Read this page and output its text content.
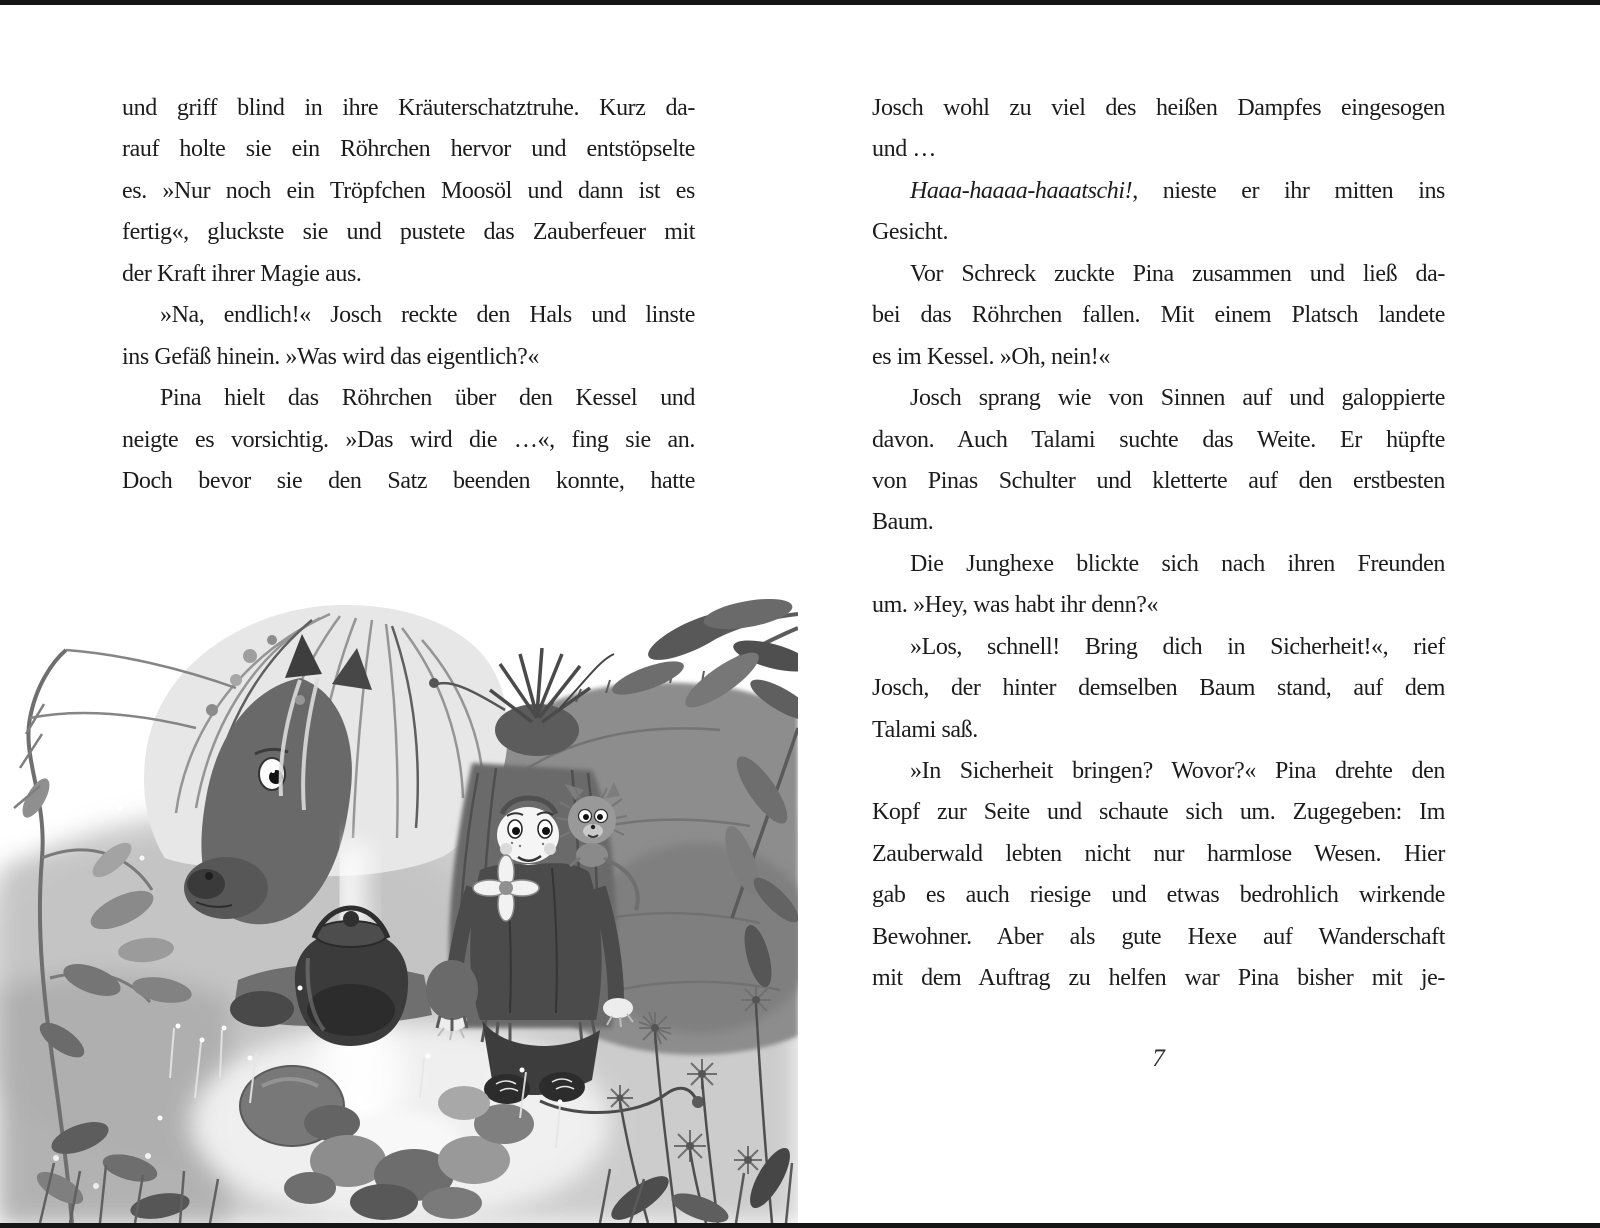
und griff blind in ihre Kräuterschatztruhe. Kurz da-
rauf holte sie ein Röhrchen hervor und entstöpselte
es. »Nur noch ein Tröpfchen Moosöl und dann ist es
fertig«, gluckste sie und pustete das Zauberfeuer mit
der Kraft ihrer Magie aus.
»Na, endlich!« Josch reckte den Hals und linste
ins Gefäß hinein. »Was wird das eigentlich?«
Pina hielt das Röhrchen über den Kessel und
neigte es vorsichtig. »Das wird die …«, fing sie an.
Doch bevor sie den Satz beenden konnte, hatte
Josch wohl zu viel des heißen Dampfes eingesogen
und …
Haaa-haaaa-haaatschi!, nieste er ihr mitten ins
Gesicht.
Vor Schreck zuckte Pina zusammen und ließ da-
bei das Röhrchen fallen. Mit einem Platsch landete
es im Kessel. »Oh, nein!«
Josch sprang wie von Sinnen auf und galoppierte
davon. Auch Talami suchte das Weite. Er hüpfte
von Pinas Schulter und kletterte auf den erstbesten
Baum.
Die Junghexe blickte sich nach ihren Freunden
um. »Hey, was habt ihr denn?«
»Los, schnell! Bring dich in Sicherheit!«, rief
Josch, der hinter demselben Baum stand, auf dem
Talami saß.
»In Sicherheit bringen? Wovor?« Pina drehte den
Kopf zur Seite und schaute sich um. Zugegeben: Im
Zauberwald lebten nicht nur harmlose Wesen. Hier
gab es auch riesige und etwas bedrohlich wirkende
Bewohner. Aber als gute Hexe auf Wanderschaft
mit dem Auftrag zu helfen war Pina bisher mit je-
7
